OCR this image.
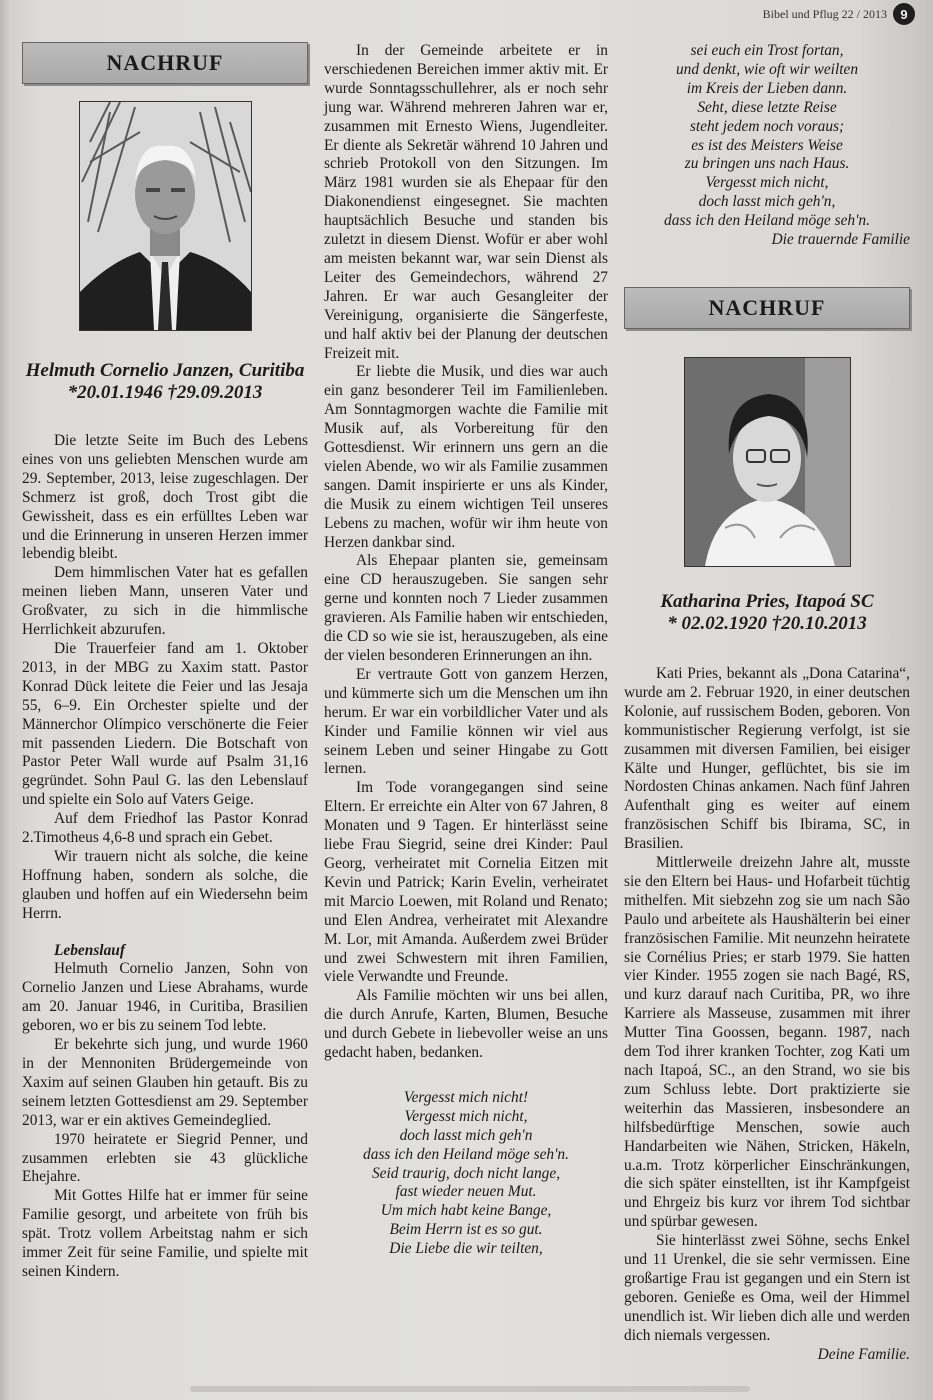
Bibel und Pflug 22 / 2013	9
NACHRUF
Helmuth Cornelio Janzen, Curitiba
*20.01.1946 †29.09.2013

Die letzte Seite im Buch des Lebens eines von uns geliebten Menschen wurde am 29. September, 2013, leise zugeschlagen. Der Schmerz ist groß, doch Trost gibt die Gewissheit, dass es ein erfülltes Leben war und die Erinnerung in unseren Herzen immer lebendig bleibt.

Dem himmlischen Vater hat es gefallen meinen lieben Mann, unseren Vater und Großvater, zu sich in die himmlische Herrlichkeit abzurufen.

Die Trauerfeier fand am 1. Oktober 2013, in der MBG zu Xaxim statt. Pastor Konrad Dück leitete die Feier und las Jesaja 55, 6–9. Ein Orchester spielte und der Männerchor Olímpico verschönerte die Feier mit passenden Liedern. Die Botschaft von Pastor Peter Wall wurde auf Psalm 31,16 gegründet. Sohn Paul G. las den Lebenslauf und spielte ein Solo auf Vaters Geige.

Auf dem Friedhof las Pastor Konrad 2.Timotheus 4,6-8 und sprach ein Gebet.

Wir trauern nicht als solche, die keine Hoffnung haben, sondern als solche, die glauben und hoffen auf ein Wiedersehn beim Herrn.

Lebenslauf

Helmuth Cornelio Janzen, Sohn von Cornelio Janzen und Liese Abrahams, wurde am 20. Januar 1946, in Curitiba, Brasilien geboren, wo er bis zu seinem Tod lebte.

Er bekehrte sich jung, und wurde 1960 in der Mennoniten Brüdergemeinde von Xaxim auf seinen Glauben hin getauft. Bis zu seinem letzten Gottesdienst am 29. September 2013, war er ein aktives Gemeindeglied.

1970 heiratete er Siegrid Penner, und zusammen erlebten sie 43 glückliche Ehejahre.

Mit Gottes Hilfe hat er immer für seine Familie gesorgt, und arbeitete von früh bis spät. Trotz vollem Arbeitstag nahm er sich immer Zeit für seine Familie, und spielte mit seinen Kindern.

In der Gemeinde arbeitete er in verschiedenen Bereichen immer aktiv mit. Er wurde Sonntagsschullehrer, als er noch sehr jung war. Während mehreren Jahren war er, zusammen mit Ernesto Wiens, Jugendleiter. Er diente als Sekretär während 10 Jahren und schrieb Protokoll von den Sitzungen. Im März 1981 wurden sie als Ehepaar für den Diakonendienst eingesegnet. Sie machten hauptsächlich Besuche und standen bis zuletzt in diesem Dienst. Wofür er aber wohl am meisten bekannt war, war sein Dienst als Leiter des Gemeindechors, während 27 Jahren. Er war auch Gesangleiter der Vereinigung, organisierte die Sängerfeste, und half aktiv bei der Planung der deutschen Freizeit mit.

Er liebte die Musik, und dies war auch ein ganz besonderer Teil im Familienleben. Am Sonntagmorgen wachte die Familie mit Musik auf, als Vorbereitung für den Gottesdienst. Wir erinnern uns gern an die vielen Abende, wo wir als Familie zusammen sangen. Damit inspirierte er uns als Kinder, die Musik zu einem wichtigen Teil unseres Lebens zu machen, wofür wir ihm heute von Herzen dankbar sind.

Als Ehepaar planten sie, gemeinsam eine CD herauszugeben. Sie sangen sehr gerne und konnten noch 7 Lieder zusammen gravieren. Als Familie haben wir entschieden, die CD so wie sie ist, herauszugeben, als eine der vielen besonderen Erinnerungen an ihn.

Er vertraute Gott von ganzem Herzen, und kümmerte sich um die Menschen um ihn herum. Er war ein vorbildlicher Vater und als Kinder und Familie können wir viel aus seinem Leben und seiner Hingabe zu Gott lernen.

Im Tode vorangegangen sind seine Eltern. Er erreichte ein Alter von 67 Jahren, 8 Monaten und 9 Tagen. Er hinterlässt seine liebe Frau Siegrid, seine drei Kinder: Paul Georg, verheiratet mit Cornelia Eitzen mit Kevin und Patrick; Karin Evelin, verheiratet mit Marcio Loewen, mit Roland und Renato; und Elen Andrea, verheiratet mit Alexandre M. Lor, mit Amanda. Außerdem zwei Brüder und zwei Schwestern mit ihren Familien, viele Verwandte und Freunde.

Als Familie möchten wir uns bei allen, die durch Anrufe, Karten, Blumen, Besuche und durch Gebete in liebevoller weise an uns gedacht haben, bedanken.

Vergesst mich nicht!
Vergesst mich nicht,
doch lasst mich geh'n
dass ich den Heiland möge seh'n.
Seid traurig, doch nicht lange,
fast wieder neuen Mut.
Um mich habt keine Bange,
Beim Herrn ist es so gut.
Die Liebe die wir teilten,
sei euch ein Trost fortan,
und denkt, wie oft wir weilten
im Kreis der Lieben dann.
Seht, diese letzte Reise
steht jedem noch voraus;
es ist des Meisters Weise
zu bringen uns nach Haus.
Vergesst mich nicht,
doch lasst mich geh'n,
dass ich den Heiland möge seh'n.
Die trauernde Familie
NACHRUF
Katharina Pries, Itapoá SC
* 02.02.1920 †20.10.2013

Kati Pries, bekannt als „Dona Catarina“, wurde am 2. Februar 1920, in einer deutschen Kolonie, auf russischem Boden, geboren. Von kommunistischer Regierung verfolgt, ist sie zusammen mit diversen Familien, bei eisiger Kälte und Hunger, geflüchtet, bis sie im Nordosten Chinas ankamen. Nach fünf Jahren Aufenthalt ging es weiter auf einem französischen Schiff bis Ibirama, SC, in Brasilien.

Mittlerweile dreizehn Jahre alt, musste sie den Eltern bei Haus- und Hofarbeit tüchtig mithelfen. Mit siebzehn zog sie um nach São Paulo und arbeitete als Haushälterin bei einer französischen Familie. Mit neunzehn heiratete sie Cornélius Pries; er starb 1979. Sie hatten vier Kinder. 1955 zogen sie nach Bagé, RS, und kurz darauf nach Curitiba, PR, wo ihre Karriere als Masseuse, zusammen mit ihrer Mutter Tina Goossen, begann. 1987, nach dem Tod ihrer kranken Tochter, zog Kati um nach Itapoá, SC., an den Strand, wo sie bis zum Schluss lebte. Dort praktizierte sie weiterhin das Massieren, insbesondere an hilfsbedürftige Menschen, sowie auch Handarbeiten wie Nähen, Stricken, Häkeln, u.a.m. Trotz körperlicher Einschränkungen, die sich später einstellten, ist ihr Kampfgeist und Ehrgeiz bis kurz vor ihrem Tod sichtbar und spürbar gewesen.

Sie hinterlässt zwei Söhne, sechs Enkel und 11 Urenkel, die sie sehr vermissen. Eine großartige Frau ist gegangen und ein Stern ist geboren. Genieße es Oma, weil der Himmel unendlich ist. Wir lieben dich alle und werden dich niemals vergessen.

Deine Familie.
